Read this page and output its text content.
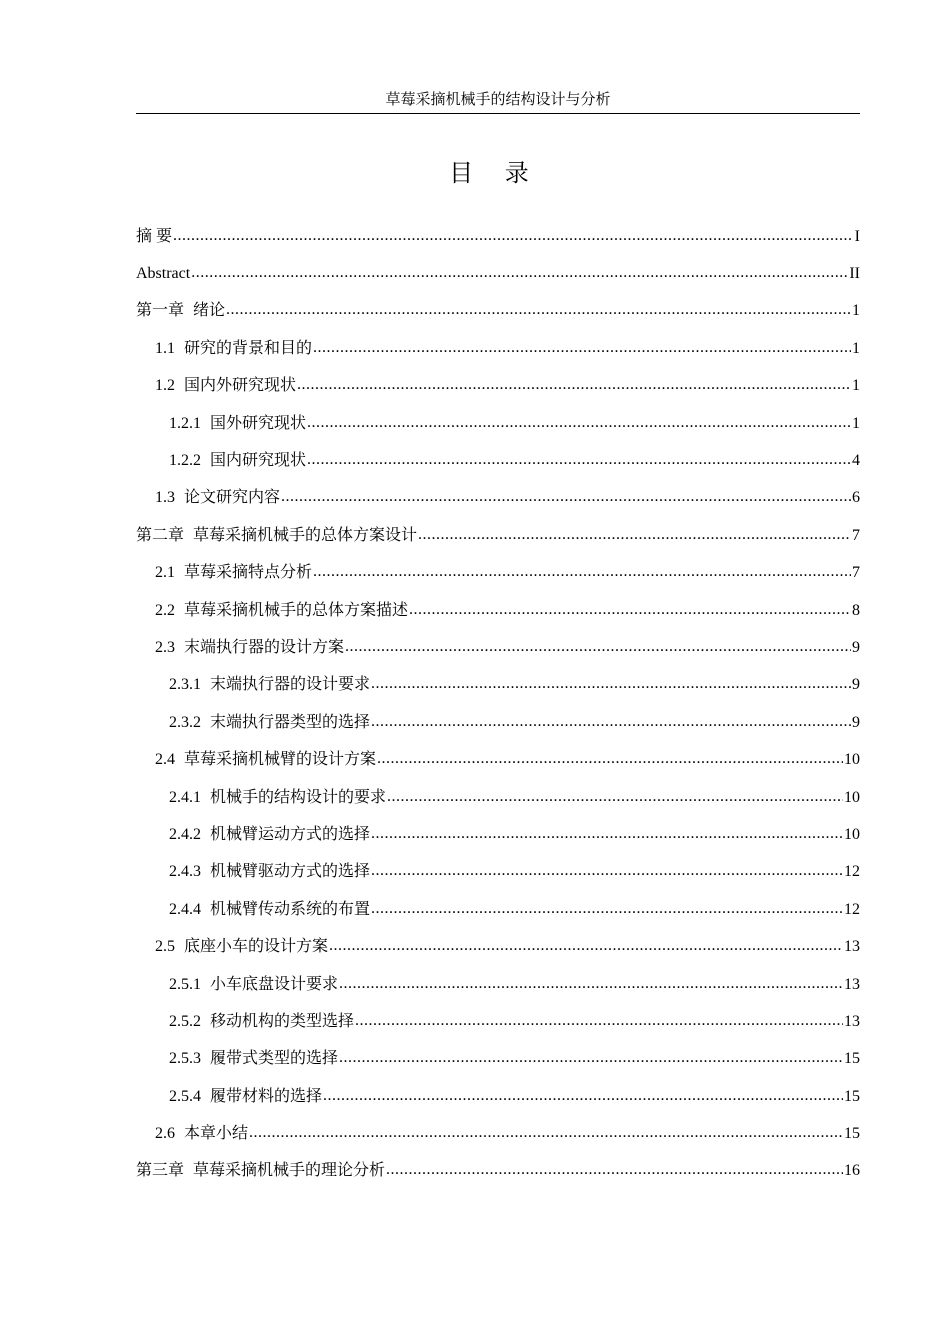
草莓采摘机械手的结构设计与分析
目 录
摘 要 .....	I
Abstract .....	II
第一章 绪论 .....	1
1.1 研究的背景和目的 .....	1
1.2 国内外研究现状 .....	1
1.2.1 国外研究现状 .....	1
1.2.2 国内研究现状 .....	4
1.3 论文研究内容 .....	6
第二章 草莓采摘机械手的总体方案设计 .....	7
2.1 草莓采摘特点分析 .....	7
2.2 草莓采摘机械手的总体方案描述 .....	8
2.3 末端执行器的设计方案 .....	9
2.3.1 末端执行器的设计要求 .....	9
2.3.2 末端执行器类型的选择 .....	9
2.4 草莓采摘机械臂的设计方案 .....	10
2.4.1 机械手的结构设计的要求 .....	10
2.4.2 机械臂运动方式的选择 .....	10
2.4.3 机械臂驱动方式的选择 .....	12
2.4.4 机械臂传动系统的布置 .....	12
2.5 底座小车的设计方案 .....	13
2.5.1 小车底盘设计要求 .....	13
2.5.2 移动机构的类型选择 .....	13
2.5.3 履带式类型的选择 .....	15
2.5.4 履带材料的选择 .....	15
2.6 本章小结 .....	15
第三章 草莓采摘机械手的理论分析 .....	16
